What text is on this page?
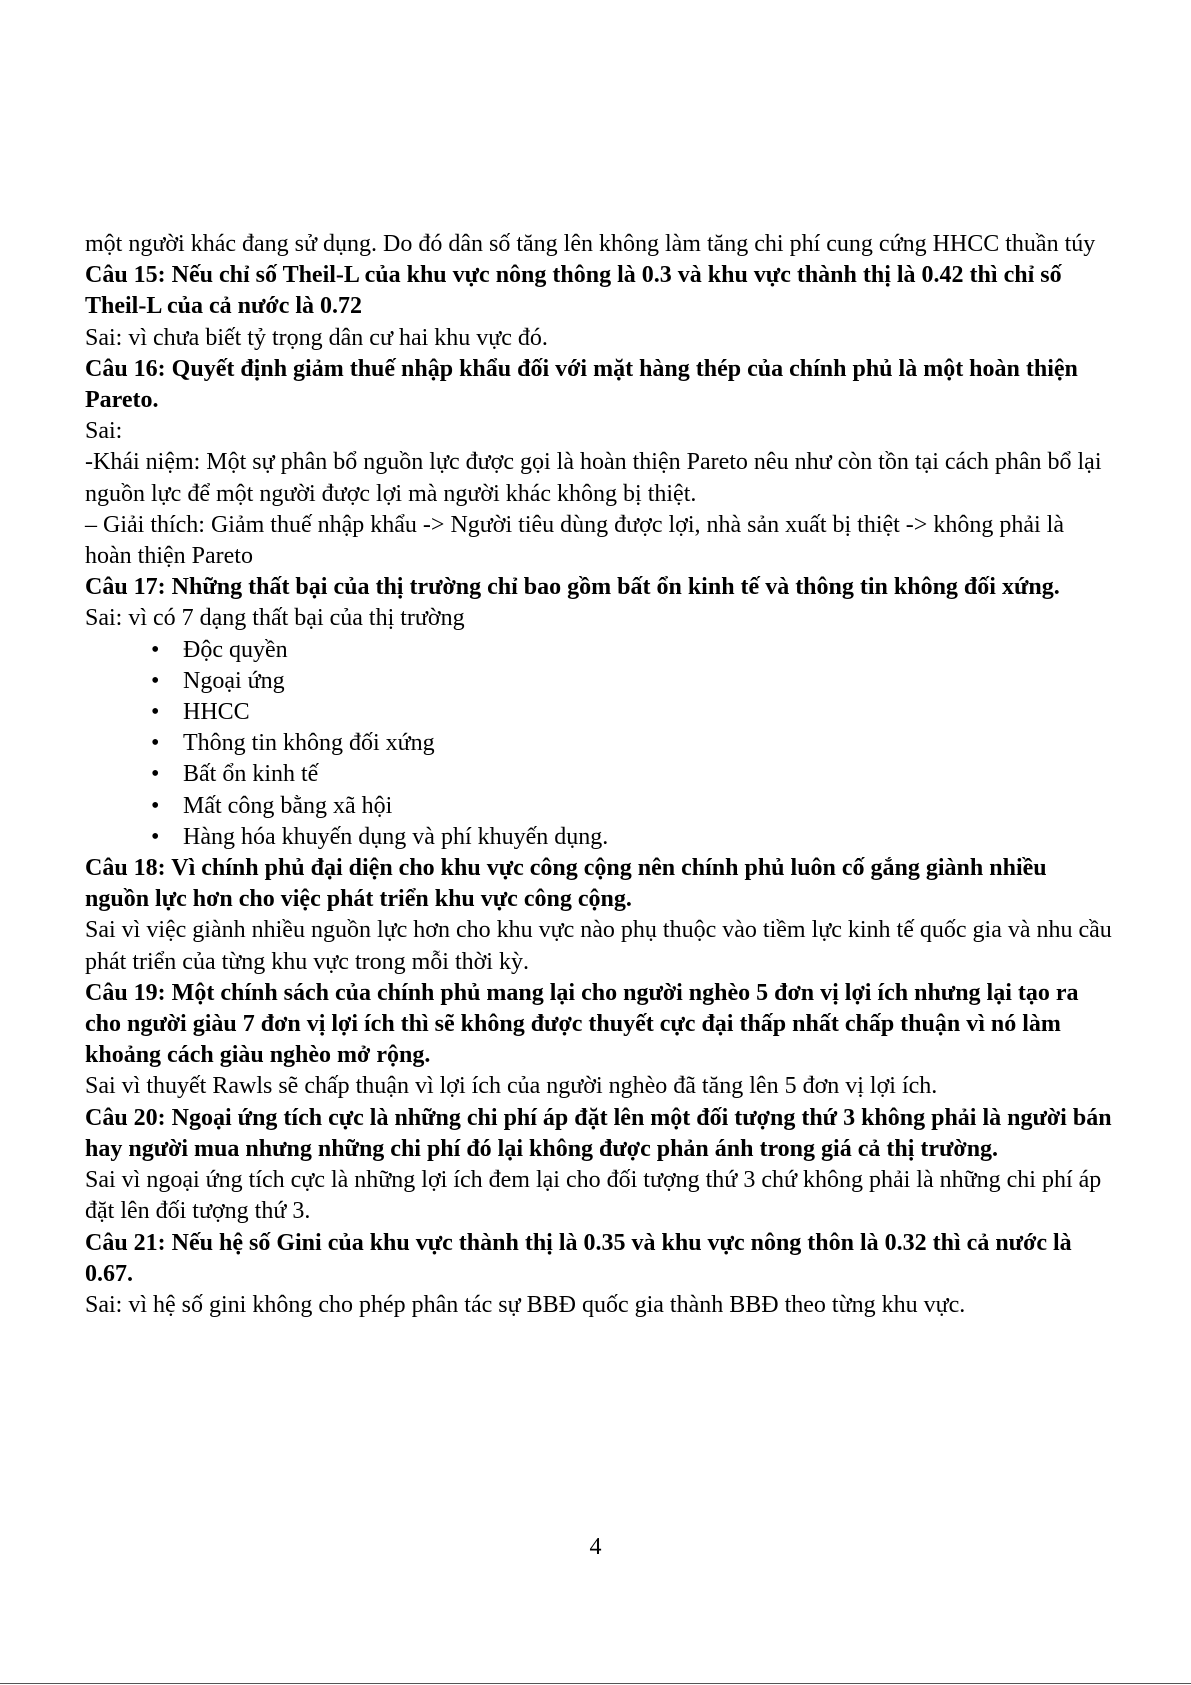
một người khác đang sử dụng. Do đó dân số tăng lên không làm tăng chi phí cung cứng HHCC thuần túy

Câu 15: Nếu chỉ số Theil-L của khu vực nông thông là 0.3 và khu vực thành thị là 0.42 thì chỉ số Theil-L của cả nước là 0.72

Sai: vì chưa biết tỷ trọng dân cư hai khu vực đó.

Câu 16: Quyết định giảm thuế nhập khẩu đối với mặt hàng thép của chính phủ là một hoàn thiện Pareto.

Sai:

-Khái niệm: Một sự phân bổ nguồn lực được gọi là hoàn thiện Pareto nêu như còn tồn tại cách phân bổ lại nguồn lực để một người được lợi mà người khác không bị thiệt.

– Giải thích: Giảm thuế nhập khẩu -> Người tiêu dùng được lợi, nhà sản xuất bị thiệt -> không phải là hoàn thiện Pareto

Câu 17: Những thất bại của thị trường chỉ bao gồm bất ổn kinh tế và thông tin không đối xứng.

Sai: vì có 7 dạng thất bại của thị trường

• Độc quyền
• Ngoại ứng
• HHCC
• Thông tin không đối xứng
• Bất ổn kinh tế
• Mất công bằng xã hội
• Hàng hóa khuyến dụng và phí khuyến dụng.

Câu 18: Vì chính phủ đại diện cho khu vực công cộng nên chính phủ luôn cố gắng giành nhiều nguồn lực hơn cho việc phát triển khu vực công cộng.

Sai vì việc giành nhiều nguồn lực hơn cho khu vực nào phụ thuộc vào tiềm lực kinh tế quốc gia và nhu cầu phát triển của từng khu vực trong mỗi thời kỳ.

Câu 19: Một chính sách của chính phủ mang lại cho người nghèo 5 đơn vị lợi ích nhưng lại tạo ra cho người giàu 7 đơn vị lợi ích thì sẽ không được thuyết cực đại thấp nhất chấp thuận vì nó làm khoảng cách giàu nghèo mở rộng.

Sai vì thuyết Rawls sẽ chấp thuận vì lợi ích của người nghèo đã tăng lên 5 đơn vị lợi ích.

Câu 20: Ngoại ứng tích cực là những chi phí áp đặt lên một đối tượng thứ 3 không phải là người bán hay người mua nhưng những chi phí đó lại không được phản ánh trong giá cả thị trường.

Sai vì ngoại ứng tích cực là những lợi ích đem lại cho đối tượng thứ 3 chứ không phải là những chi phí áp đặt lên đối tượng thứ 3.

Câu 21: Nếu hệ số Gini của khu vực thành thị là 0.35 và khu vực nông thôn là 0.32 thì cả nước là 0.67.

Sai: vì hệ số gini không cho phép phân tác sự BBĐ quốc gia thành BBĐ theo từng khu vực.

4
